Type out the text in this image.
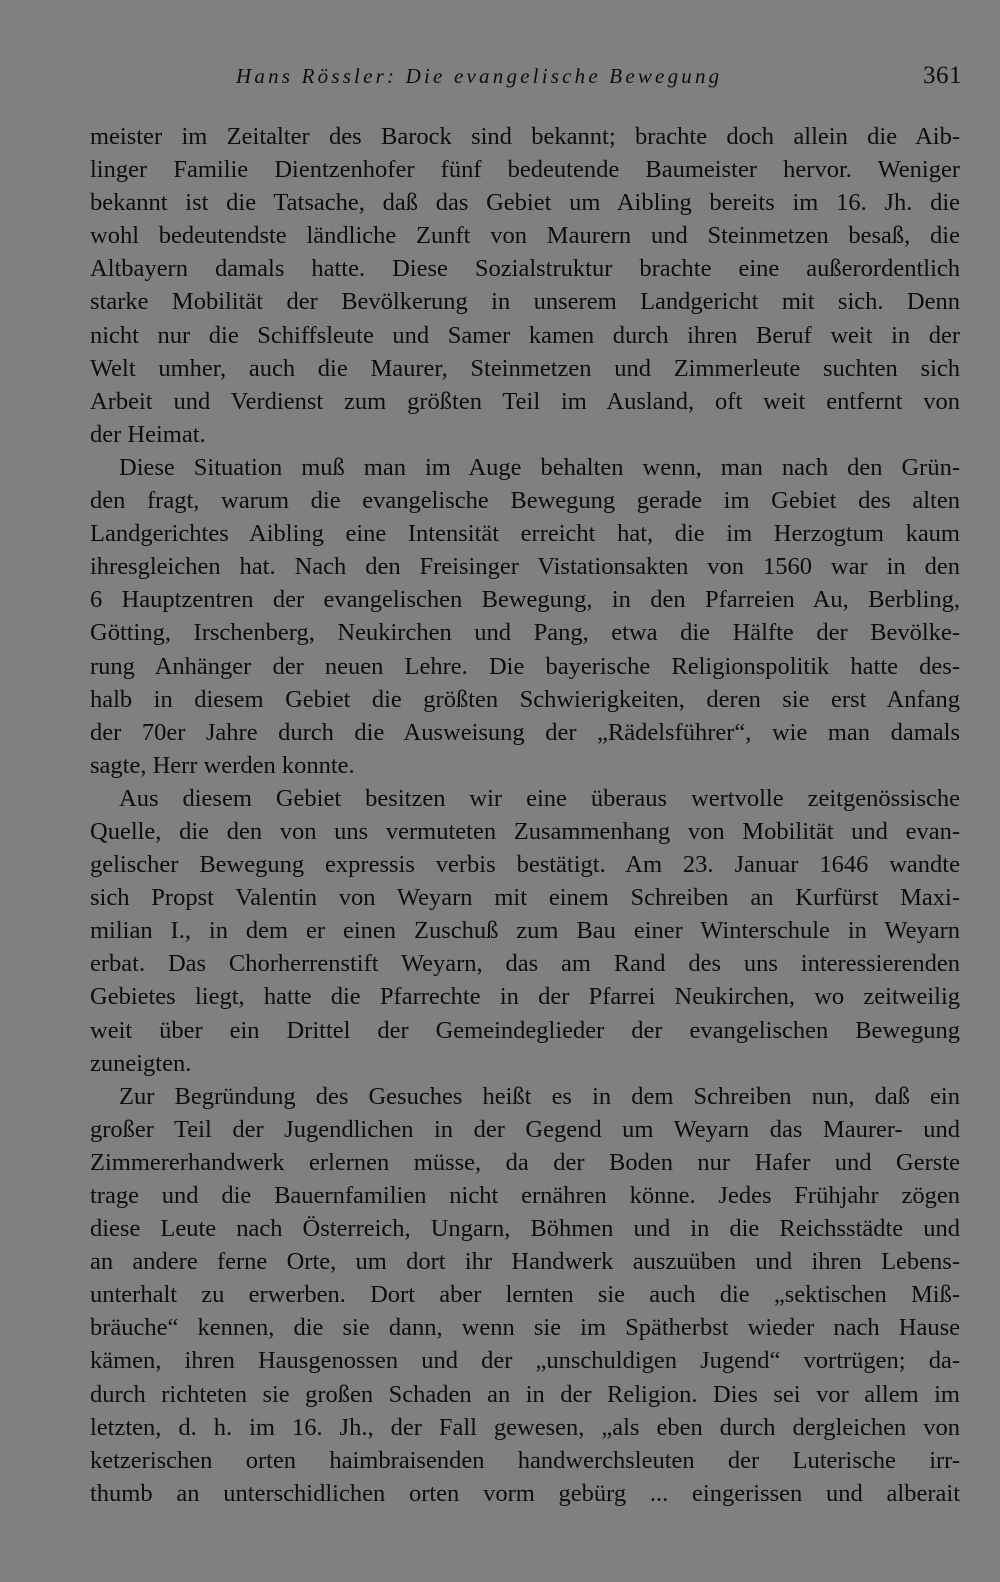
Hans Rössler: Die evangelische Bewegung	361
meister im Zeitalter des Barock sind bekannt; brachte doch allein die Aib-
linger Familie Dientzenhofer fünf bedeutende Baumeister hervor. Weniger
bekannt ist die Tatsache, daß das Gebiet um Aibling bereits im 16. Jh. die
wohl bedeutendste ländliche Zunft von Maurern und Steinmetzen besaß, die
Altbayern damals hatte. Diese Sozialstruktur brachte eine außerordentlich
starke Mobilität der Bevölkerung in unserem Landgericht mit sich. Denn
nicht nur die Schiffsleute und Samer kamen durch ihren Beruf weit in der
Welt umher, auch die Maurer, Steinmetzen und Zimmerleute suchten sich
Arbeit und Verdienst zum größten Teil im Ausland, oft weit entfernt von
der Heimat.
Diese Situation muß man im Auge behalten wenn, man nach den Grün-
den fragt, warum die evangelische Bewegung gerade im Gebiet des alten
Landgerichtes Aibling eine Intensität erreicht hat, die im Herzogtum kaum
ihresgleichen hat. Nach den Freisinger Vistationsakten von 1560 war in den
6 Hauptzentren der evangelischen Bewegung, in den Pfarreien Au, Berbling,
Götting, Irschenberg, Neukirchen und Pang, etwa die Hälfte der Bevölke-
rung Anhänger der neuen Lehre. Die bayerische Religionspolitik hatte des-
halb in diesem Gebiet die größten Schwierigkeiten, deren sie erst Anfang
der 70er Jahre durch die Ausweisung der „Rädelsführer“, wie man damals
sagte, Herr werden konnte.
Aus diesem Gebiet besitzen wir eine überaus wertvolle zeitgenössische
Quelle, die den von uns vermuteten Zusammenhang von Mobilität und evan-
gelischer Bewegung expressis verbis bestätigt. Am 23. Januar 1646 wandte
sich Propst Valentin von Weyarn mit einem Schreiben an Kurfürst Maxi-
milian I., in dem er einen Zuschuß zum Bau einer Winterschule in Weyarn
erbat. Das Chorherrenstift Weyarn, das am Rand des uns interessierenden
Gebietes liegt, hatte die Pfarrechte in der Pfarrei Neukirchen, wo zeitweilig
weit über ein Drittel der Gemeindeglieder der evangelischen Bewegung
zuneigten.
Zur Begründung des Gesuches heißt es in dem Schreiben nun, daß ein
großer Teil der Jugendlichen in der Gegend um Weyarn das Maurer- und
Zimmererhandwerk erlernen müsse, da der Boden nur Hafer und Gerste
trage und die Bauernfamilien nicht ernähren könne. Jedes Frühjahr zögen
diese Leute nach Österreich, Ungarn, Böhmen und in die Reichsstädte und
an andere ferne Orte, um dort ihr Handwerk auszuüben und ihren Lebens-
unterhalt zu erwerben. Dort aber lernten sie auch die „sektischen Miß-
bräuche“ kennen, die sie dann, wenn sie im Spätherbst wieder nach Hause
kämen, ihren Hausgenossen und der „unschuldigen Jugend“ vortrügen; da-
durch richteten sie großen Schaden an in der Religion. Dies sei vor allem im
letzten, d. h. im 16. Jh., der Fall gewesen, „als eben durch dergleichen von
ketzerischen orten haimbraisenden handwerchsleuten der Luterische irr-
thumb an unterschidlichen orten vorm gebürg ... eingerissen und alberait
